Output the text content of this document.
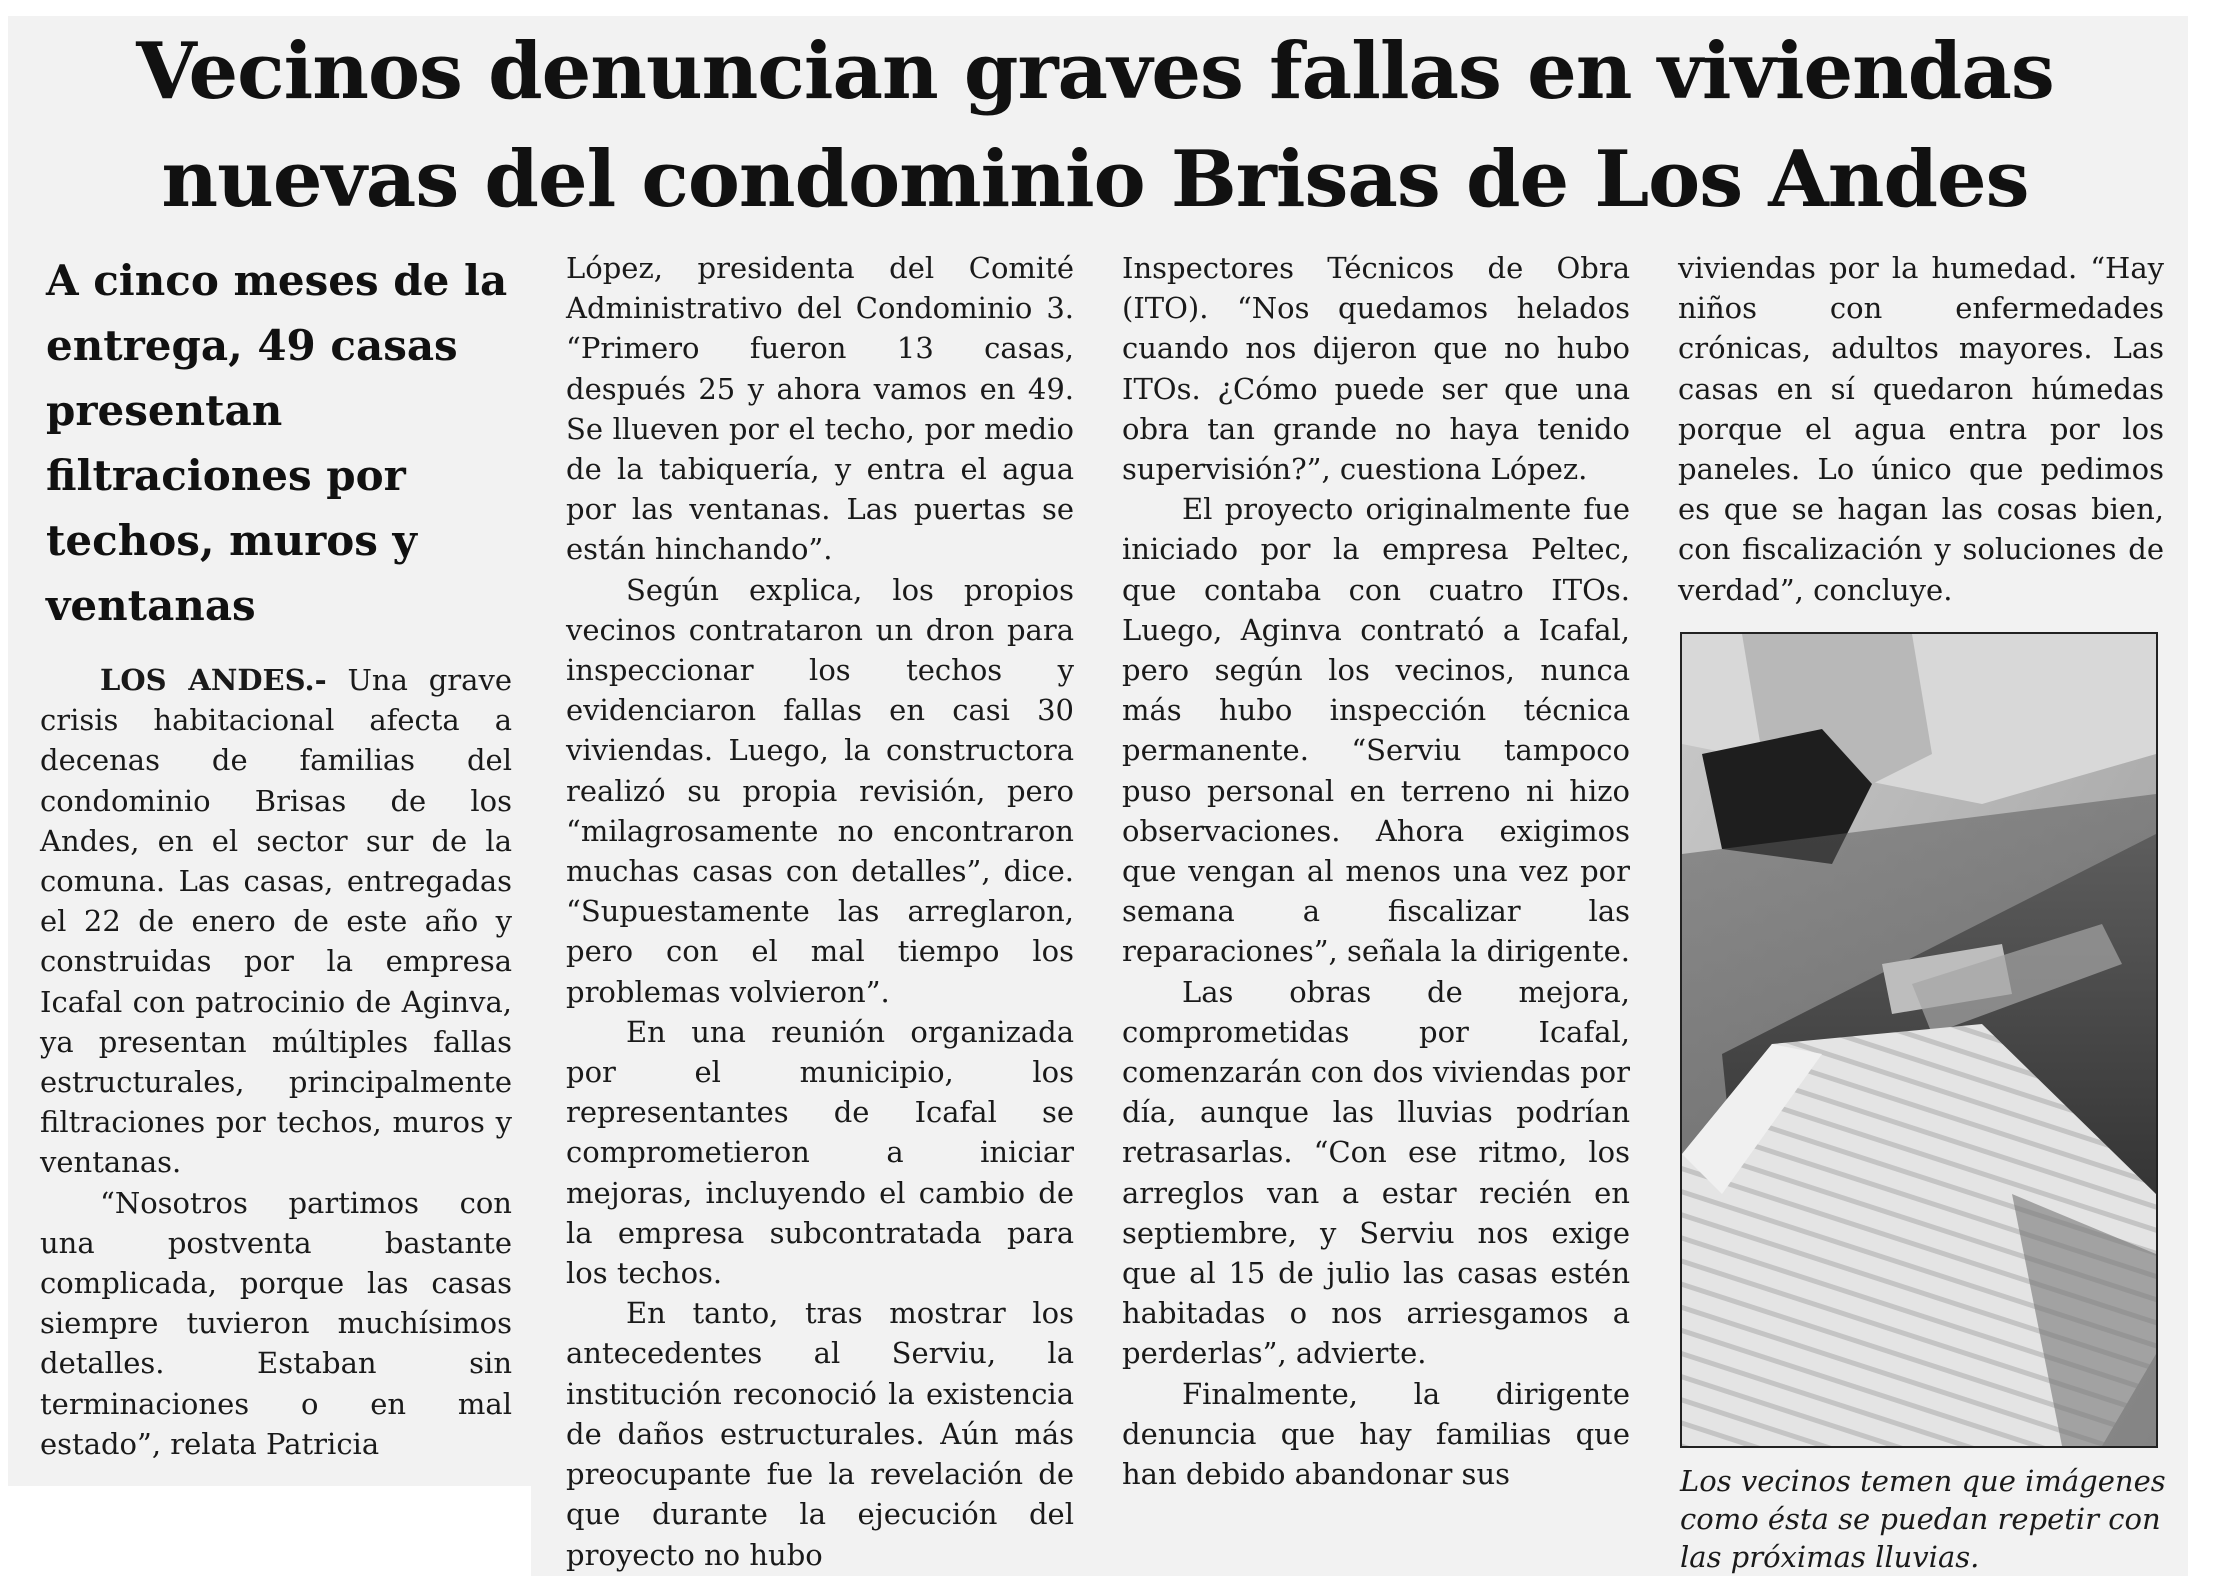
Vecinos denuncian graves fallas en viviendas
nuevas del condominio Brisas de Los Andes
A cinco meses de la entrega, 49 casas presentan filtraciones por techos, muros y ventanas

LOS ANDES.- Una grave crisis habitacional afecta a decenas de familias del condominio Brisas de los Andes, en el sector sur de la comuna. Las casas, entregadas el 22 de enero de este año y construidas por la empresa Icafal con patrocinio de Aginva, ya presentan múltiples fallas estructurales, principalmente filtraciones por techos, muros y ventanas.

“Nosotros partimos con una postventa bastante complicada, porque las casas siempre tuvieron muchísimos detalles. Estaban sin terminaciones o en mal estado”, relata Patricia

López, presidenta del Comité Administrativo del Condominio 3. “Primero fueron 13 casas, después 25 y ahora vamos en 49. Se llueven por el techo, por medio de la tabiquería, y entra el agua por las ventanas. Las puertas se están hinchando”.

Según explica, los propios vecinos contrataron un dron para inspeccionar los techos y evidenciaron fallas en casi 30 viviendas. Luego, la constructora realizó su propia revisión, pero “milagrosamente no encontraron muchas casas con detalles”, dice. “Supuestamente las arreglaron, pero con el mal tiempo los problemas volvieron”.

En una reunión organizada por el municipio, los representantes de Icafal se comprometieron a iniciar mejoras, incluyendo el cambio de la empresa subcontratada para los techos.

En tanto, tras mostrar los antecedentes al Serviu, la institución reconoció la existencia de daños estructurales. Aún más preocupante fue la revelación de que durante la ejecución del proyecto no hubo

Inspectores Técnicos de Obra (ITO). “Nos quedamos helados cuando nos dijeron que no hubo ITOs. ¿Cómo puede ser que una obra tan grande no haya tenido supervisión?”, cuestiona López.

El proyecto originalmente fue iniciado por la empresa Peltec, que contaba con cuatro ITOs. Luego, Aginva contrató a Icafal, pero según los vecinos, nunca más hubo inspección técnica permanente. “Serviu tampoco puso personal en terreno ni hizo observaciones. Ahora exigimos que vengan al menos una vez por semana a fiscalizar las reparaciones”, señala la dirigente.

Las obras de mejora, comprometidas por Icafal, comenzarán con dos viviendas por día, aunque las lluvias podrían retrasarlas. “Con ese ritmo, los arreglos van a estar recién en septiembre, y Serviu nos exige que al 15 de julio las casas estén habitadas o nos arriesgamos a perderlas”, advierte.

Finalmente, la dirigente denuncia que hay familias que han debido abandonar sus

viviendas por la humedad. “Hay niños con enfermedades crónicas, adultos mayores. Las casas en sí quedaron húmedas porque el agua entra por los paneles. Lo único que pedimos es que se hagan las cosas bien, con fiscalización y soluciones de verdad”, concluye.

Los vecinos temen que imágenes como ésta se puedan repetir con las próximas lluvias.
